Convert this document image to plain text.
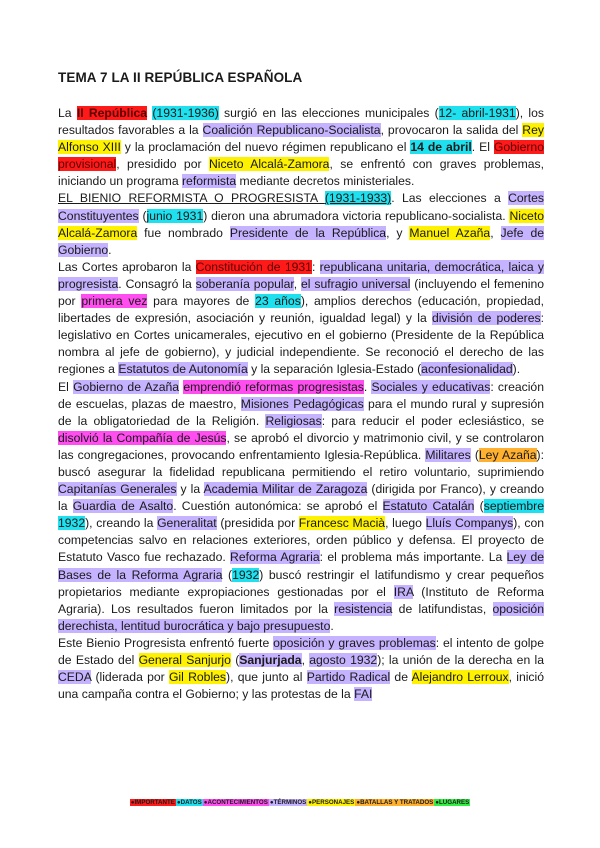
TEMA 7 LA II REPÚBLICA ESPAÑOLA

La II República (1931-1936) surgió en las elecciones municipales (12- abril-1931), los resultados favorables a la Coalición Republicano-Socialista, provocaron la salida del Rey Alfonso XIII y la proclamación del nuevo régimen republicano el 14 de abril. El Gobierno provisional, presidido por Niceto Alcalá-Zamora, se enfrentó con graves problemas, iniciando un programa reformista mediante decretos ministeriales.

EL BIENIO REFORMISTA O PROGRESISTA (1931-1933). Las elecciones a Cortes Constituyentes (junio 1931) dieron una abrumadora victoria republicano-socialista. Niceto Alcalá-Zamora fue nombrado Presidente de la República, y Manuel Azaña, Jefe de Gobierno.

Las Cortes aprobaron la Constitución de 1931: republicana unitaria, democrática, laica y progresista. Consagró la soberanía popular, el sufragio universal (incluyendo el femenino por primera vez para mayores de 23 años), amplios derechos (educación, propiedad, libertades de expresión, asociación y reunión, igualdad legal) y la división de poderes: legislativo en Cortes unicamerales, ejecutivo en el gobierno (Presidente de la República nombra al jefe de gobierno), y judicial independiente. Se reconoció el derecho de las regiones a Estatutos de Autonomía y la separación Iglesia-Estado (aconfesionalidad).

El Gobierno de Azaña emprendió reformas progresistas. Sociales y educativas: creación de escuelas, plazas de maestro, Misiones Pedagógicas para el mundo rural y supresión de la obligatoriedad de la Religión. Religiosas: para reducir el poder eclesiástico, se disolvió la Compañía de Jesús, se aprobó el divorcio y matrimonio civil, y se controlaron las congregaciones, provocando enfrentamiento Iglesia-República. Militares (Ley Azaña): buscó asegurar la fidelidad republicana permitiendo el retiro voluntario, suprimiendo Capitanías Generales y la Academia Militar de Zaragoza (dirigida por Franco), y creando la Guardia de Asalto. Cuestión autonómica: se aprobó el Estatuto Catalán (septiembre 1932), creando la Generalitat (presidida por Francesc Macià, luego Lluís Companys), con competencias salvo en relaciones exteriores, orden público y defensa. El proyecto de Estatuto Vasco fue rechazado. Reforma Agraria: el problema más importante. La Ley de Bases de la Reforma Agraria (1932) buscó restringir el latifundismo y crear pequeños propietarios mediante expropiaciones gestionadas por el IRA (Instituto de Reforma Agraria). Los resultados fueron limitados por la resistencia de latifundistas, oposición derechista, lentitud burocrática y bajo presupuesto.

Este Bienio Progresista enfrentó fuerte oposición y graves problemas: el intento de golpe de Estado del General Sanjurjo (Sanjurjada, agosto 1932); la unión de la derecha en la CEDA (liderada por Gil Robles), que junto al Partido Radical de Alejandro Lerroux, inició una campaña contra el Gobierno; y las protestas de la FAI

●IMPORTANTE ●DATOS ●ACONTECIMIENTOS ●TÉRMINOS ●PERSONAJES ●BATALLAS Y TRATADOS ●LUGARES
